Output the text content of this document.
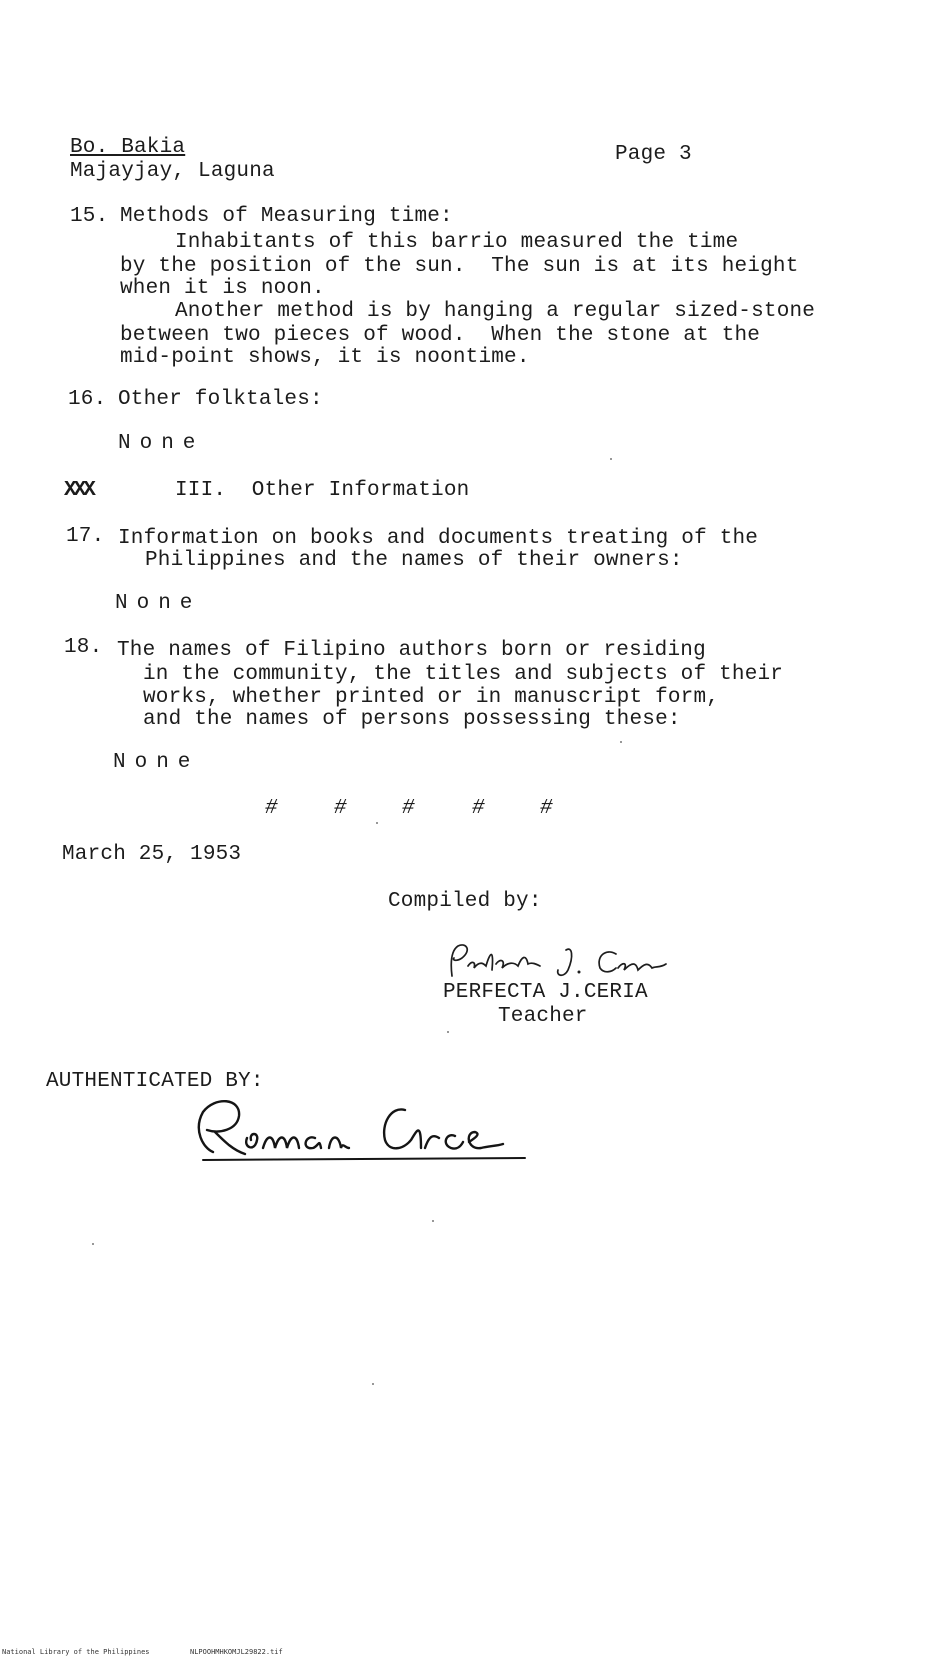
Bo. Bakia
Majayjay, Laguna
Page 3
15. Methods of Measuring time:
Inhabitants of this barrio measured the time
by the position of the sun.  The sun is at its height
when it is noon.
Another method is by hanging a regular sized-stone
between two pieces of wood.  When the stone at the
mid-point shows, it is noontime.
16. Other folktales:
None
XXX	III.  Other Information
17. Information on books and documents treating of the
Philippines and the names of their owners:
None
18. The names of Filipino authors born or residing
in the community, the titles and subjects of their
works, whether printed or in manuscript form,
and the names of persons possessing these:
None
#	#	#	#	#
March 25, 1953
Compiled by:
PERFECTA J.CERIA
Teacher
AUTHENTICATED BY:
National Library of the Philippines	NLPOOHMHKOMJL29822.tif
